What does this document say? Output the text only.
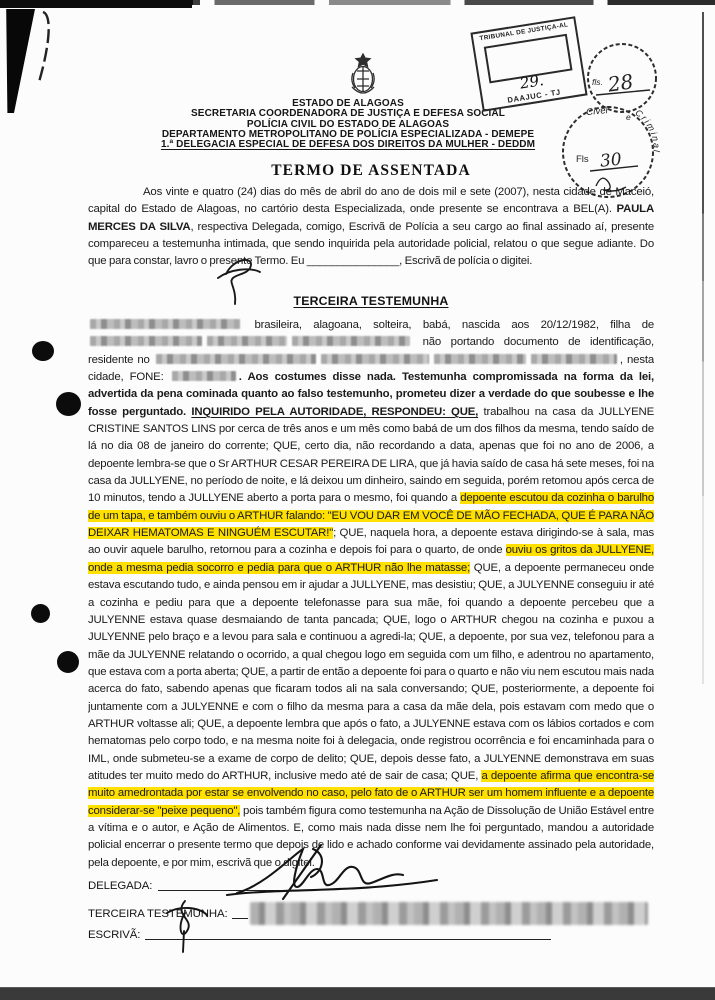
ESTADO DE ALAGOAS
SECRETARIA COORDENADORA DE JUSTIÇA E DEFESA SOCIAL
POLÍCIA CIVIL DO ESTADO DE ALAGOAS
DEPARTAMENTO METROPOLITANO DE POLÍCIA ESPECIALIZADA - DEMEPE
1.ª DELEGACIA ESPECIAL DE DEFESA DOS DIREITOS DA MULHER - DEDDM
TRIBUNAL DE JUSTIÇA-AL
29.
DAAJUC - TJ
fls. 28
Cível e Criminal
Fls 30
TERMO DE ASSENTADA
Aos vinte e quatro (24) dias do mês de abril do ano de dois mil e sete (2007), nesta cidade de Maceió, capital do Estado de Alagoas, no cartório desta Especializada, onde presente se encontrava a BEL(A). PAULA MERCES DA SILVA, respectiva Delegada, comigo, Escrivã de Polícia a seu cargo ao final assinado aí, presente compareceu a testemunha intimada, que sendo inquirida pela autoridade policial, relatou o que segue adiante. Do que para constar, lavro o presente Termo. Eu _______________, Escrivã de polícia o digitei.
TERCEIRA TESTEMUNHA
brasileira, alagoana, solteira, babá, nascida aos 20/12/1982, filha de  não portando documento de identificação, residente no	, nesta cidade, FONE:	. Aos costumes disse nada. Testemunha compromissada na forma da lei, advertida da pena cominada quanto ao falso testemunho, prometeu dizer a verdade do que soubesse e lhe fosse perguntado. INQUIRIDO PELA AUTORIDADE, RESPONDEU: QUE, trabalhou na casa da JULLYENE CRISTINE SANTOS LINS por cerca de três anos e um mês como babá de um dos filhos da mesma, tendo saído de lá no dia 08 de janeiro do corrente; QUE, certo dia, não recordando a data, apenas que foi no ano de 2006, a depoente lembra-se que o Sr ARTHUR CESAR PEREIRA DE LIRA, que já havia saído de casa há sete meses, foi na casa da JULLYENE, no período de noite, e lá deixou um dinheiro, saindo em seguida, porém retomou após cerca de 10 minutos, tendo a JULLYENE aberto a porta para o mesmo, foi quando a depoente escutou da cozinha o barulho de um tapa, e também ouviu o ARTHUR falando: "EU VOU DAR EM VOCÊ DE MÃO FECHADA, QUE É PARA NÃO DEIXAR HEMATOMAS E NINGUÉM ESCUTAR!"; QUE, naquela hora, a depoente estava dirigindo-se à sala, mas ao ouvir aquele barulho, retornou para a cozinha e depois foi para o quarto, de onde ouviu os gritos da JULLYENE, onde a mesma pedia socorro e pedia para que o ARTHUR não lhe matasse; QUE, a depoente permaneceu onde estava escutando tudo, e ainda pensou em ir ajudar a JULLYENE, mas desistiu; QUE, a JULYENNE conseguiu ir até a cozinha e pediu para que a depoente telefonasse para sua mãe, foi quando a depoente percebeu que a JULYENNE estava quase desmaiando de tanta pancada; QUE, logo o ARTHUR chegou na cozinha e puxou a JULYENNE pelo braço e a levou para sala e continuou a agredi-la; QUE, a depoente, por sua vez, telefonou para a mãe da JULYENNE relatando o ocorrido, a qual chegou logo em seguida com um filho, e adentrou no apartamento, que estava com a porta aberta; QUE, a partir de então a depoente foi para o quarto e não viu nem escutou mais nada acerca do fato, sabendo apenas que ficaram todos ali na sala conversando; QUE, posteriormente, a depoente foi juntamente com a JULYENNE e com o filho da mesma para a casa da mãe dela, pois estavam com medo que o ARTHUR voltasse ali; QUE, a depoente lembra que após o fato, a JULYENNE estava com os lábios cortados e com hematomas pelo corpo todo, e na mesma noite foi à delegacia, onde registrou ocorrência e foi encaminhada para o IML, onde submeteu-se a exame de corpo de delito; QUE, depois desse fato, a JULYENNE demonstrava em suas atitudes ter muito medo do ARTHUR, inclusive medo até de sair de casa; QUE, a depoente afirma que encontra-se muito amedrontada por estar se envolvendo no caso, pelo fato de o ARTHUR ser um homem influente e a depoente considerar-se "peixe pequeno", pois também figura como testemunha na Ação de Dissolução de União Estável entre a vítima e o autor, e Ação de Alimentos. E, como mais nada disse nem lhe foi perguntado, mandou a autoridade policial encerrar o presente termo que depois de lido e achado conforme vai devidamente assinado pela autoridade, pela depoente, e por mim, escrivã que o digitei.
DELEGADA:
TERCEIRA TESTEMUNHA:
ESCRIVÃ:
